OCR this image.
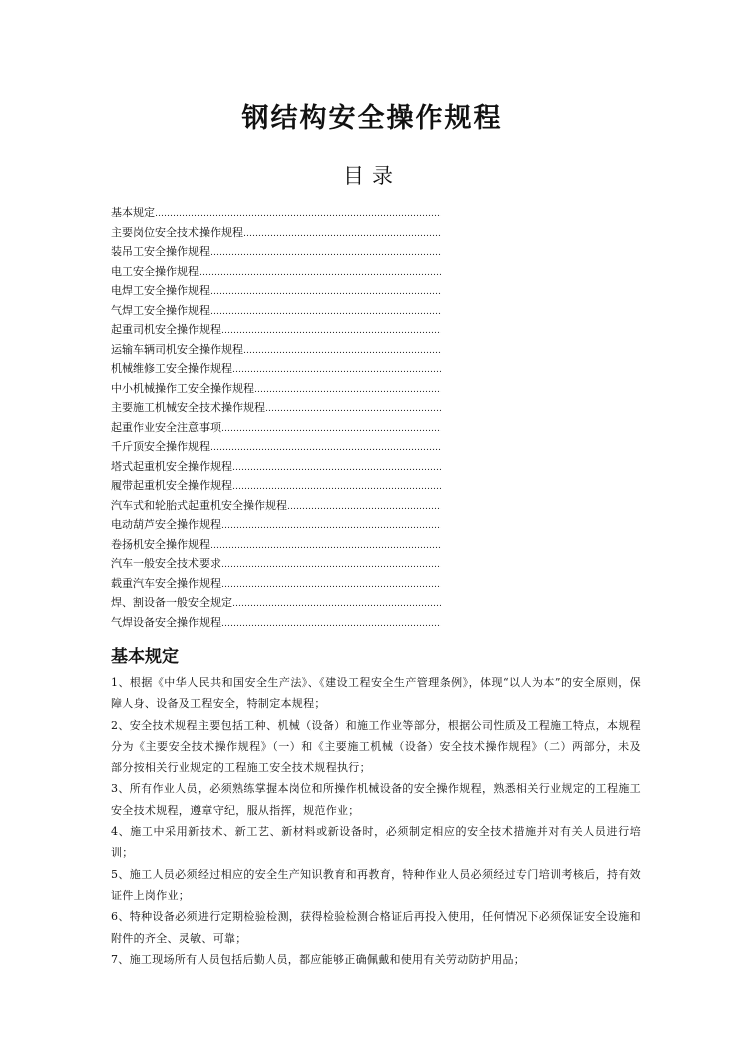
钢结构安全操作规程
目录
基本规定
………………………………………………………………………………………………………………
主要岗位安全技术操作规程
………………………………………………………………………………………………………………
装吊工安全操作规程
………………………………………………………………………………………………………………
电工安全操作规程
………………………………………………………………………………………………………………
电焊工安全操作规程
………………………………………………………………………………………………………………
气焊工安全操作规程
………………………………………………………………………………………………………………
起重司机安全操作规程
………………………………………………………………………………………………………………
运输车辆司机安全操作规程
………………………………………………………………………………………………………………
机械维修工安全操作规程
………………………………………………………………………………………………………………
中小机械操作工安全操作规程
………………………………………………………………………………………………………………
主要施工机械安全技术操作规程
………………………………………………………………………………………………………………
起重作业安全注意事项
………………………………………………………………………………………………………………
千斤顶安全操作规程
………………………………………………………………………………………………………………
塔式起重机安全操作规程
………………………………………………………………………………………………………………
履带起重机安全操作规程
………………………………………………………………………………………………………………
汽车式和轮胎式起重机安全操作规程
………………………………………………………………………………………………………………
电动葫芦安全操作规程
………………………………………………………………………………………………………………
卷扬机安全操作规程
………………………………………………………………………………………………………………
汽车一般安全技术要求
………………………………………………………………………………………………………………
载重汽车安全操作规程
………………………………………………………………………………………………………………
焊、割设备一般安全规定
………………………………………………………………………………………………………………
气焊设备安全操作规程
………………………………………………………………………………………………………………
基本规定

1、根据《中华人民共和国安全生产法》、《建设工程安全生产管理条例》，体现“以人为本”的安全原则，保障人身、设备及工程安全，特制定本规程；

2、安全技术规程主要包括工种、机械（设备）和施工作业等部分，根据公司性质及工程施工特点，本规程分为《主要安全技术操作规程》（一）和《主要施工机械（设备）安全技术操作规程》（二）两部分，未及部分按相关行业规定的工程施工安全技术规程执行；

3、所有作业人员，必须熟练掌握本岗位和所操作机械设备的安全操作规程，熟悉相关行业规定的工程施工安全技术规程，遵章守纪，服从指挥，规范作业；

4、施工中采用新技术、新工艺、新材料或新设备时，必须制定相应的安全技术措施并对有关人员进行培训；

5、施工人员必须经过相应的安全生产知识教育和再教育，特种作业人员必须经过专门培训考核后，持有效证件上岗作业；

6、特种设备必须进行定期检验检测，获得检验检测合格证后再投入使用，任何情况下必须保证安全设施和附件的齐全、灵敏、可靠；

7、施工现场所有人员包括后勤人员，都应能够正确佩戴和使用有关劳动防护用品；
